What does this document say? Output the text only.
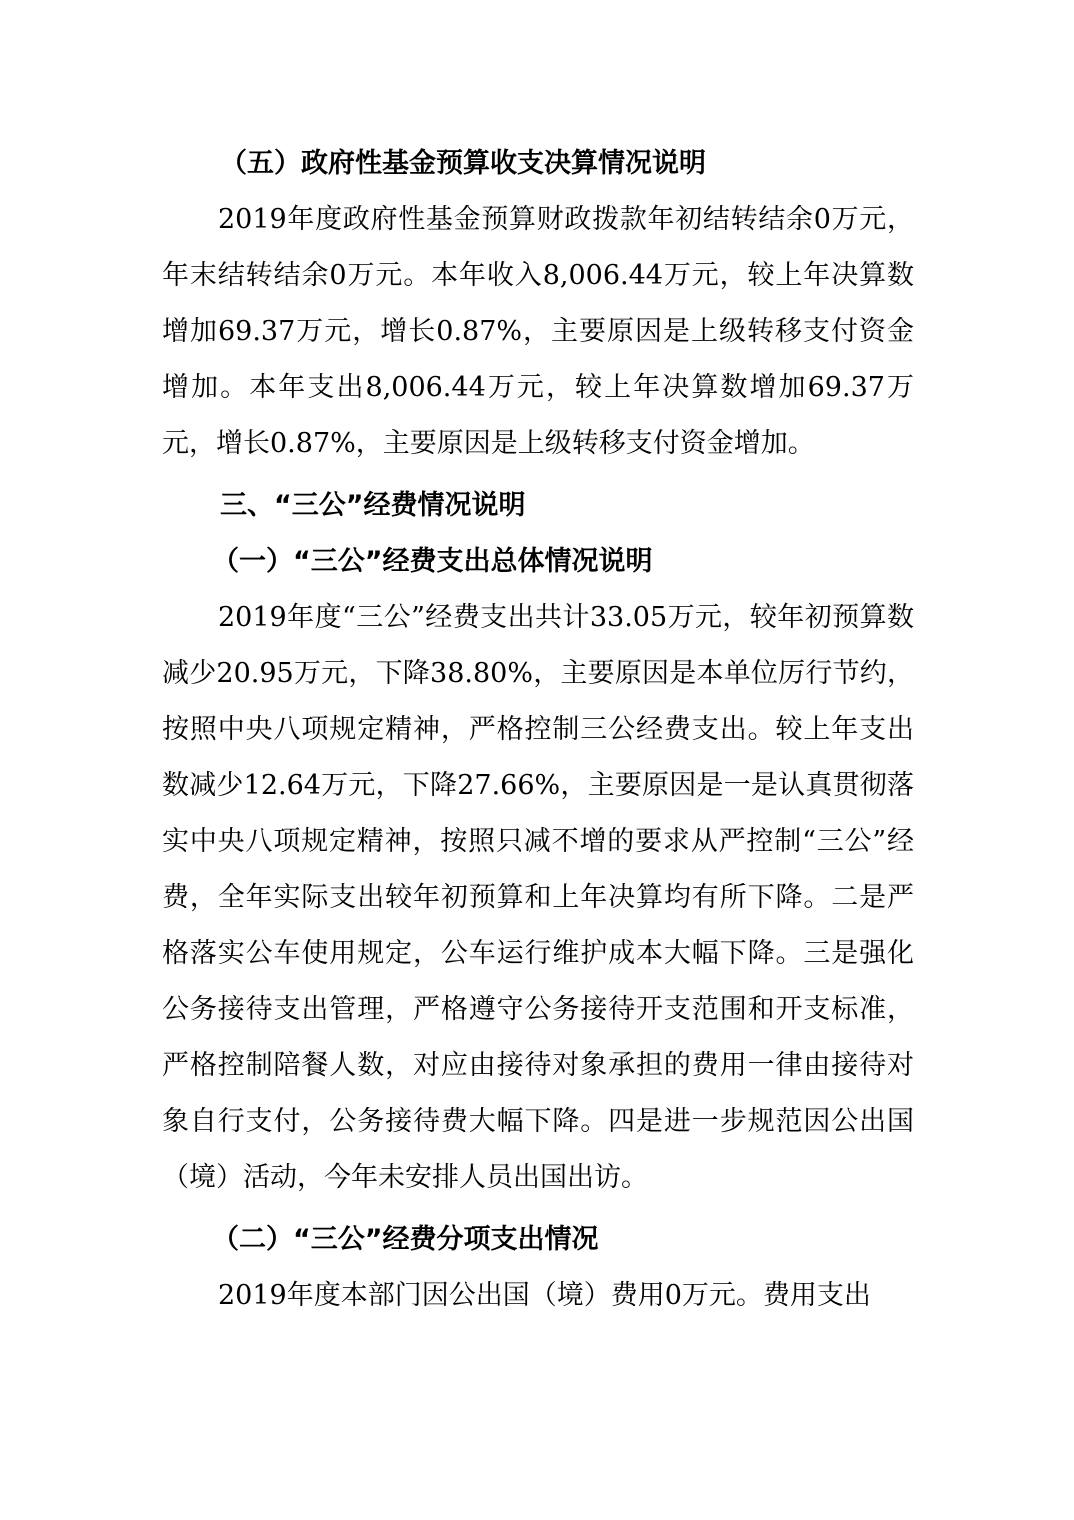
（五）政府性基金预算收支决算情况说明

2019年度政府性基金预算财政拨款年初结转结余0万元，年末结转结余0万元。本年收入8,006.44万元，较上年决算数增加69.37万元，增长0.87%，主要原因是上级转移支付资金增加。本年支出8,006.44万元，较上年决算数增加69.37万元，增长0.87%，主要原因是上级转移支付资金增加。

三、“三公”经费情况说明
（一）“三公”经费支出总体情况说明

2019年度“三公”经费支出共计33.05万元，较年初预算数减少20.95万元，下降38.80%，主要原因是本单位厉行节约，按照中央八项规定精神，严格控制三公经费支出。较上年支出数减少12.64万元，下降27.66%，主要原因是一是认真贯彻落实中央八项规定精神，按照只减不增的要求从严控制“三公”经费，全年实际支出较年初预算和上年决算均有所下降。二是严格落实公车使用规定，公车运行维护成本大幅下降。三是强化公务接待支出管理，严格遵守公务接待开支范围和开支标准，严格控制陪餐人数，对应由接待对象承担的费用一律由接待对象自行支付，公务接待费大幅下降。四是进一步规范因公出国（境）活动，今年未安排人员出国出访。

（二）“三公”经费分项支出情况

2019年度本部门因公出国（境）费用0万元。费用支出
